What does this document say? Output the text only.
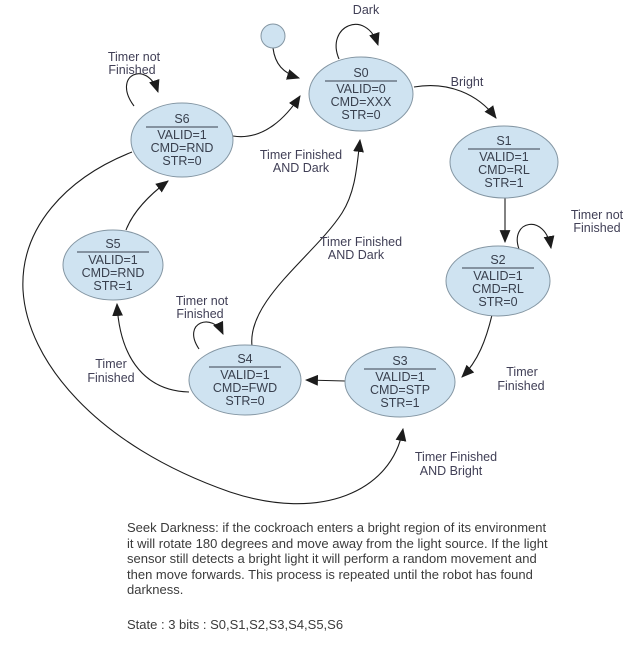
S0
VALID=0
CMD=XXX
STR=0
S1
VALID=1
CMD=RL
STR=1
S2
VALID=1
CMD=RL
STR=0
S3
VALID=1
CMD=STP
STR=1
S4
VALID=1
CMD=FWD
STR=0
S5
VALID=1
CMD=RND
STR=1
S6
VALID=1
CMD=RND
STR=0
Dark
Bright
Timer not
Finished
Timer
Finished
Timer not
Finished
Timer
Finished
Timer not
Finished
Timer Finished
AND Dark
Timer Finished
AND Dark
Timer Finished
AND Bright
Seek Darkness: if the cockroach enters a bright region of its environment
it will rotate 180 degrees and move away from the light source. If the light
sensor still detects a bright light it will perform a random movement and
then move forwards. This process is repeated until the robot has found
darkness.
State : 3 bits : S0,S1,S2,S3,S4,S5,S6
